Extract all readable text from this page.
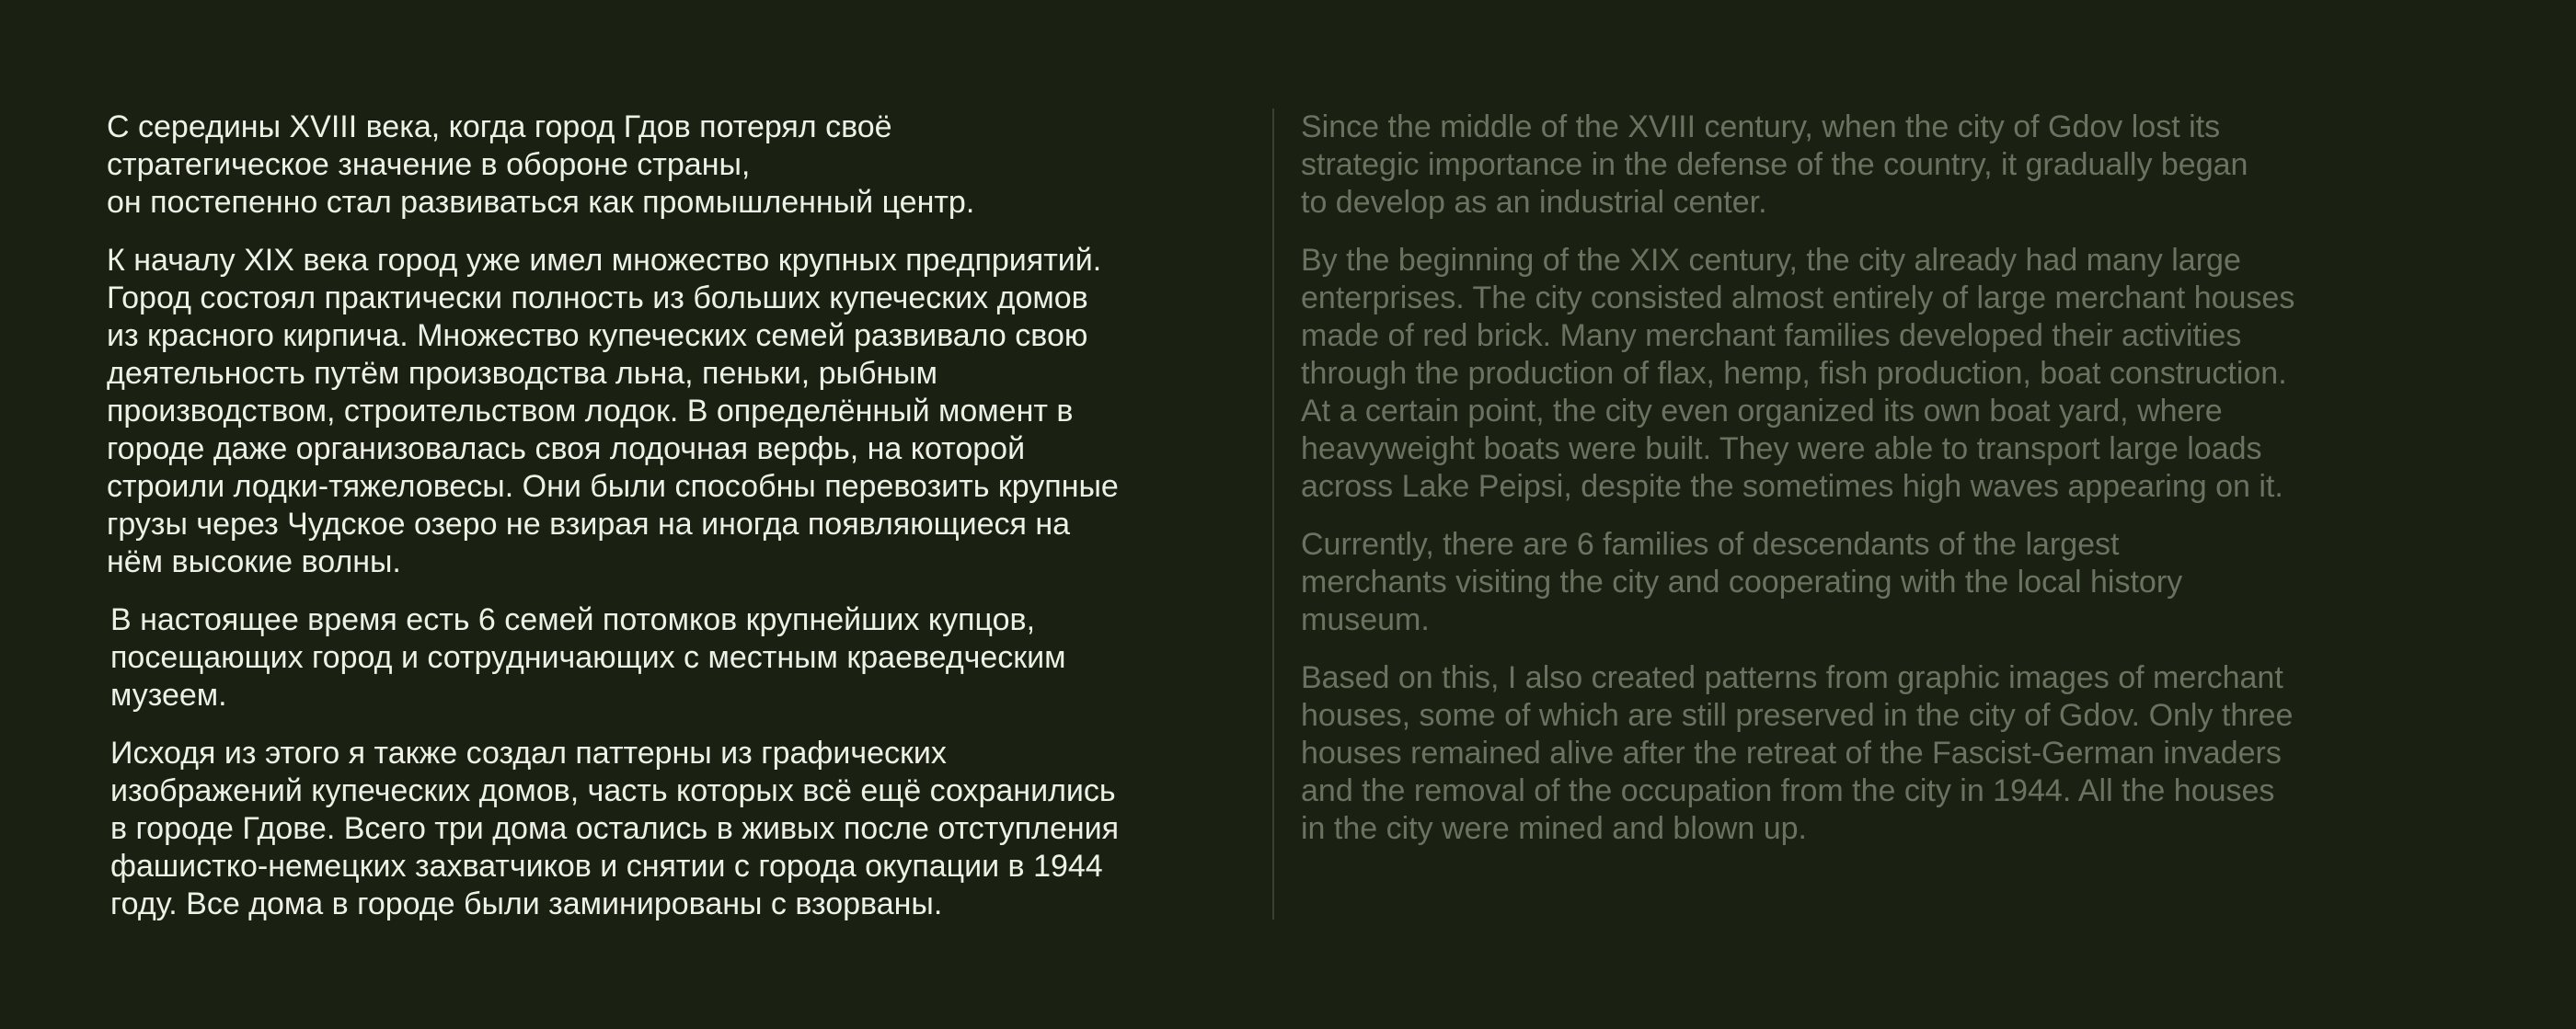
С середины XVIII века, когда город Гдов потерял своё
стратегическое значение в обороне страны,
он постепенно стал развиваться как промышленный центр.

К началу XIX века город уже имел множество крупных предприятий.
Город состоял практически полность из больших купеческих домов
из красного кирпича. Множество купеческих семей развивало свою
деятельность путём производства льна, пеньки, рыбным
производством, строительством лодок. В определённый момент в
городе даже организовалась своя лодочная верфь, на которой
строили лодки-тяжеловесы. Они были способны перевозить крупные
грузы через Чудское озеро не взирая на иногда появляющиеся на
нём высокие волны.

В настоящее время есть 6 семей потомков крупнейших купцов,
посещающих город и сотрудничающих с местным краеведческим
музеем.

Исходя из этого я также создал паттерны из графических
изображений купеческих домов, часть которых всё ещё сохранились
в городе Гдове. Всего три дома остались в живых после отступления
фашистко-немецких захватчиков и снятии с города окупации в 1944
году. Все дома в городе были заминированы с взорваны.

Since the middle of the XVIII century, when the city of Gdov lost its
strategic importance in the defense of the country, it gradually began
to develop as an industrial center.

By the beginning of the XIX century, the city already had many large
enterprises. The city consisted almost entirely of large merchant houses
made of red brick. Many merchant families developed their activities
through the production of flax, hemp, fish production, boat construction.
At a certain point, the city even organized its own boat yard, where
heavyweight boats were built. They were able to transport large loads
across Lake Peipsi, despite the sometimes high waves appearing on it.

Currently, there are 6 families of descendants of the largest
merchants visiting the city and cooperating with the local history
museum.

Based on this, I also created patterns from graphic images of merchant
houses, some of which are still preserved in the city of Gdov. Only three
houses remained alive after the retreat of the Fascist-German invaders
and the removal of the occupation from the city in 1944. All the houses
in the city were mined and blown up.
